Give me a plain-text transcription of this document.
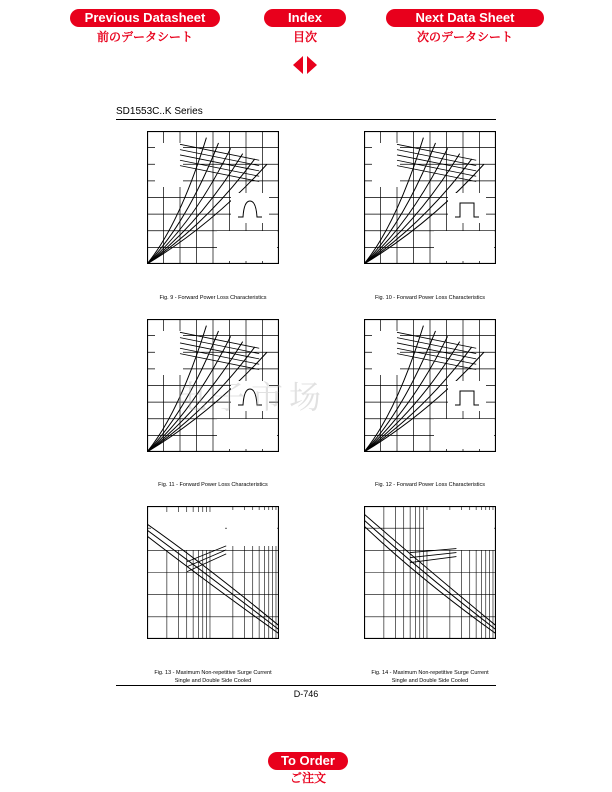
Previous Datasheet
前のデータシート
Index
目次
Next Data Sheet
次のデータシート
SD1553C..K Series
Fig. 9 - Forward Power Loss Characteristics	Fig. 10 - Forward Power Loss Characteristics
Fig. 11 - Forward Power Loss Characteristics	Fig. 12 - Forward Power Loss Characteristics
Fig. 13 - Maximum Non-repetitive Surge Current
Single and Double Side Cooled
Fig. 14 - Maximum Non-repetitive Surge Current
Single and Double Side Cooled
电子市场
D-746
To Order
ご注文
